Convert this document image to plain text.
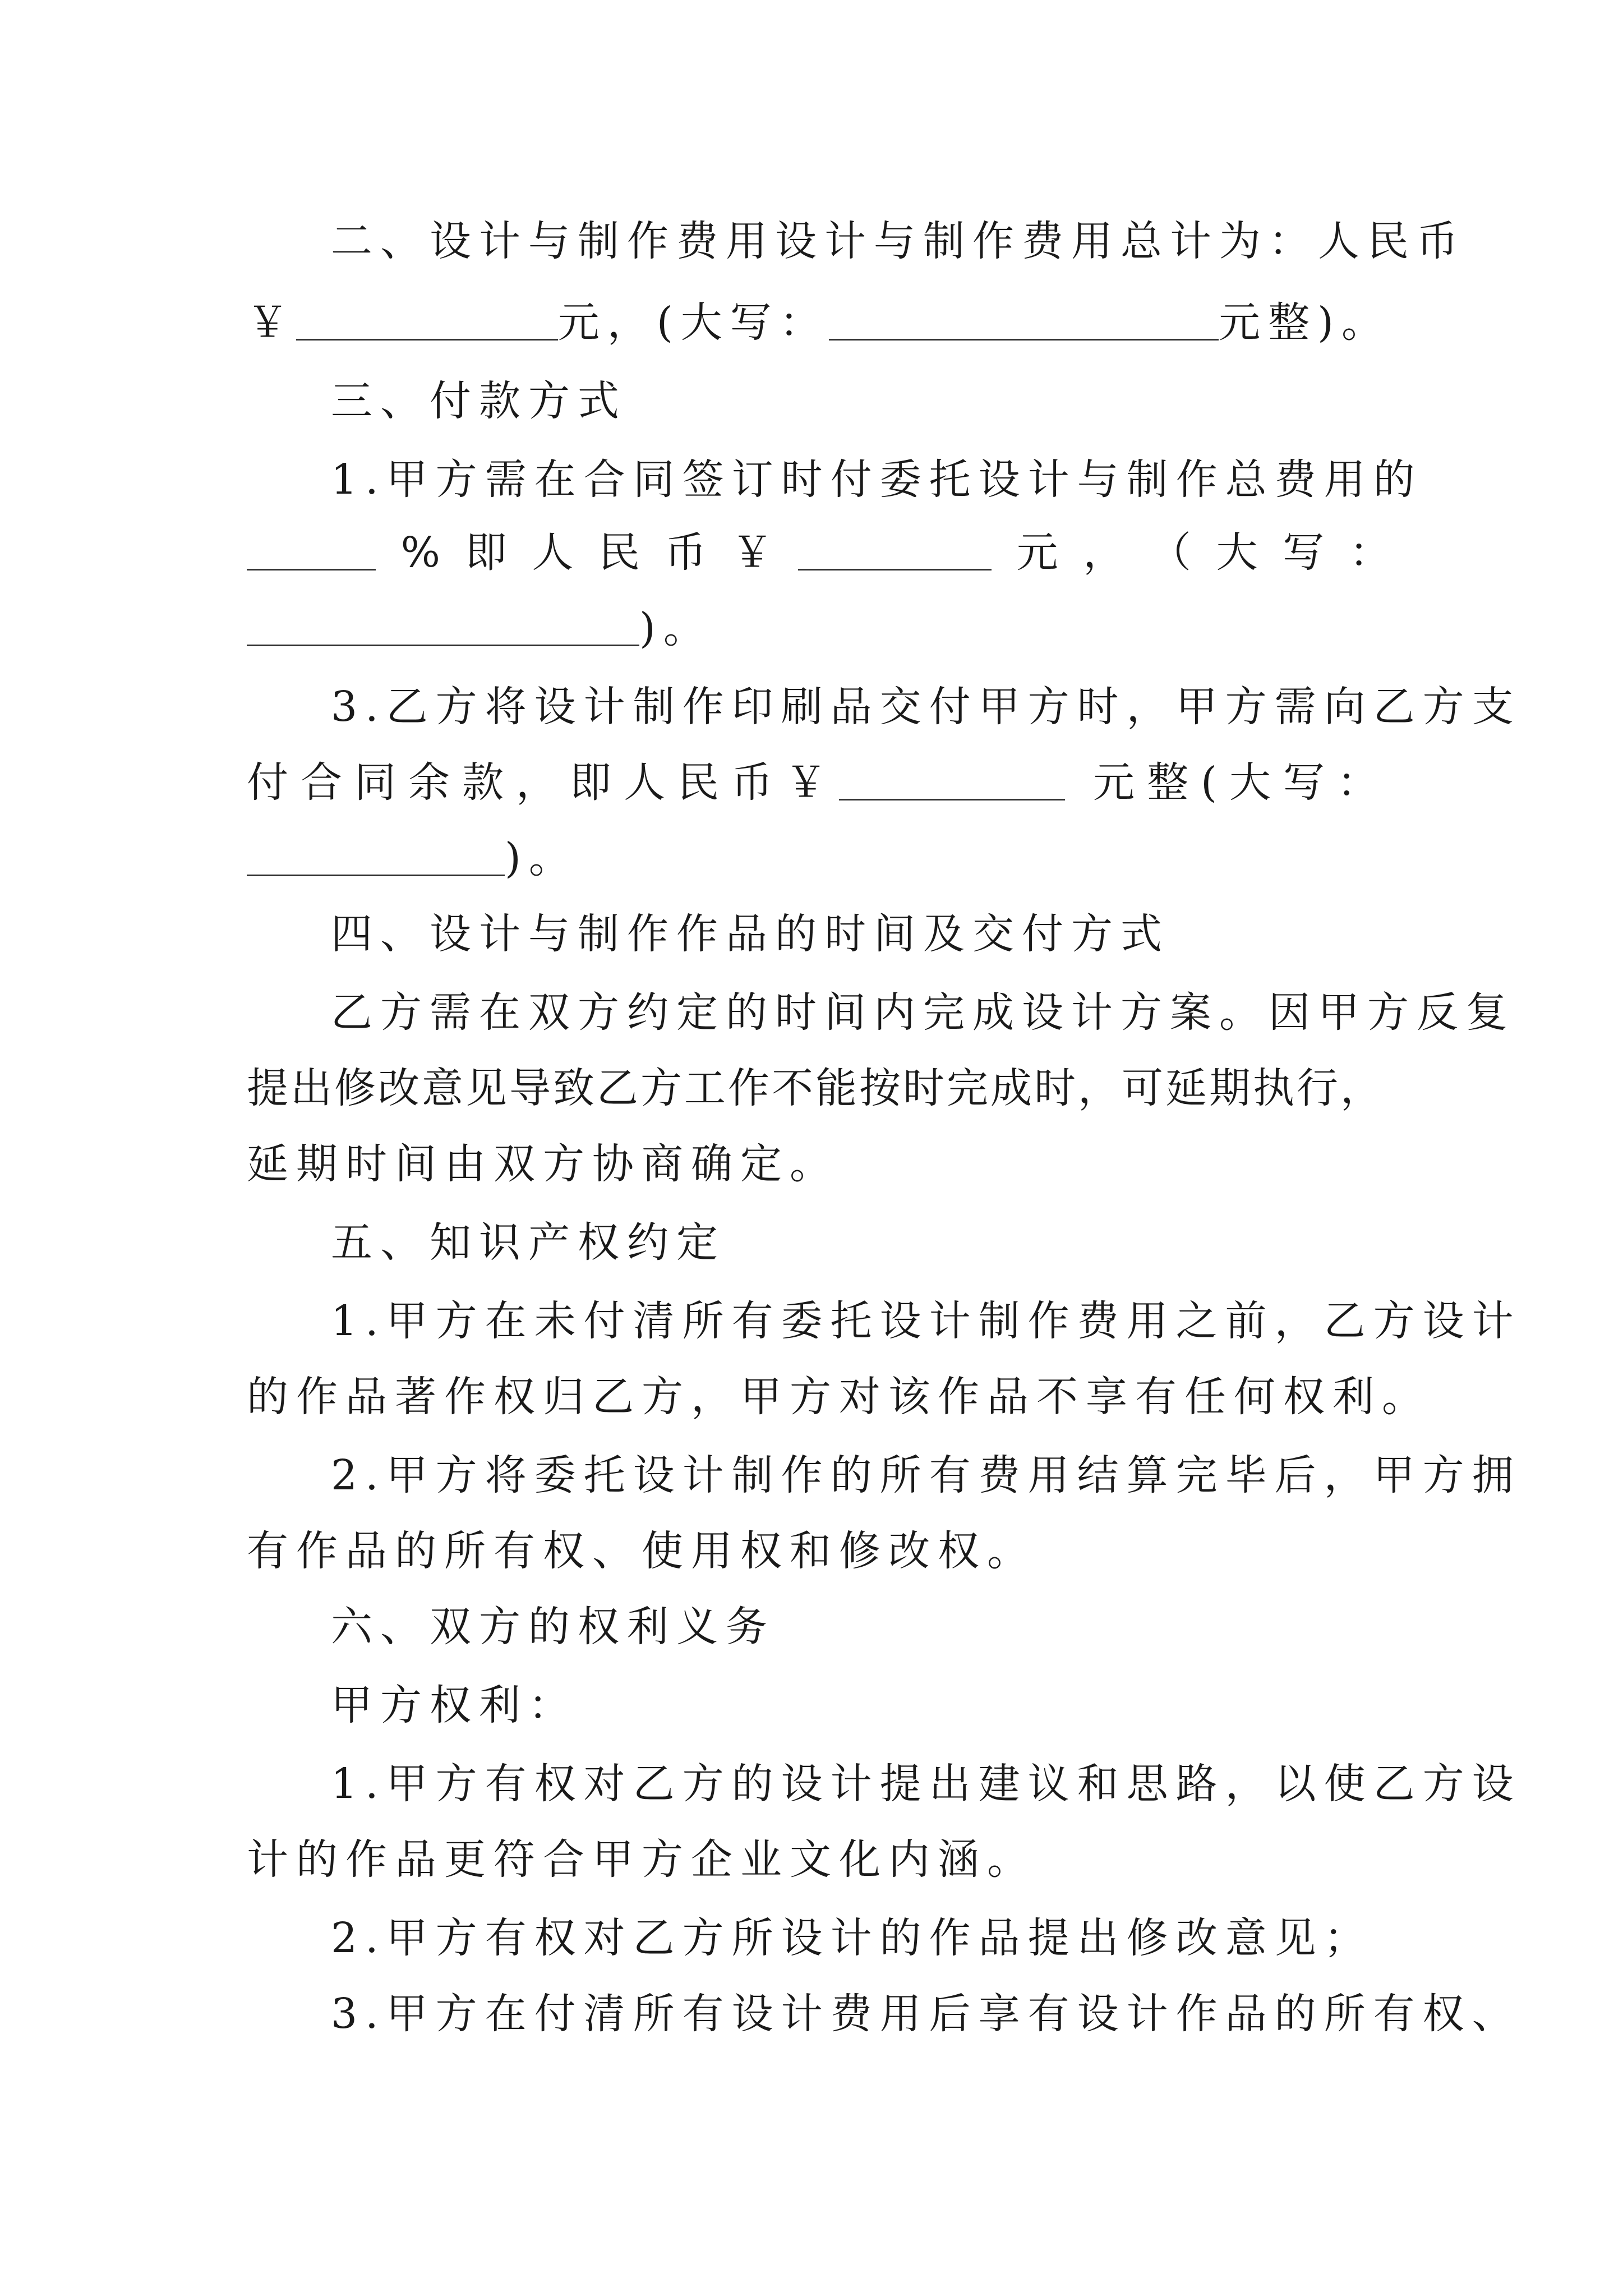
二、设计与制作费用设计与制作费用总计为：人民币
￥	元，(大写：	元整)。
三、付款方式
1.甲方需在合同签订时付委托设计与制作总费用的
% 即 人 民 币 ￥	元 ， （ 大 写 ：
)。
3.乙方将设计制作印刷品交付甲方时，甲方需向乙方支
付合同余款，即人民币￥	元整(大写：
)。
四、设计与制作作品的时间及交付方式
乙方需在双方约定的时间内完成设计方案。因甲方反复
提出修改意见导致乙方工作不能按时完成时，可延期执行，
延期时间由双方协商确定。
五、知识产权约定
1.甲方在未付清所有委托设计制作费用之前，乙方设计
的作品著作权归乙方，甲方对该作品不享有任何权利。
2.甲方将委托设计制作的所有费用结算完毕后，甲方拥
有作品的所有权、使用权和修改权。
六、双方的权利义务
甲方权利：
1.甲方有权对乙方的设计提出建议和思路，以使乙方设
计的作品更符合甲方企业文化内涵。
2.甲方有权对乙方所设计的作品提出修改意见；
3.甲方在付清所有设计费用后享有设计作品的所有权、
